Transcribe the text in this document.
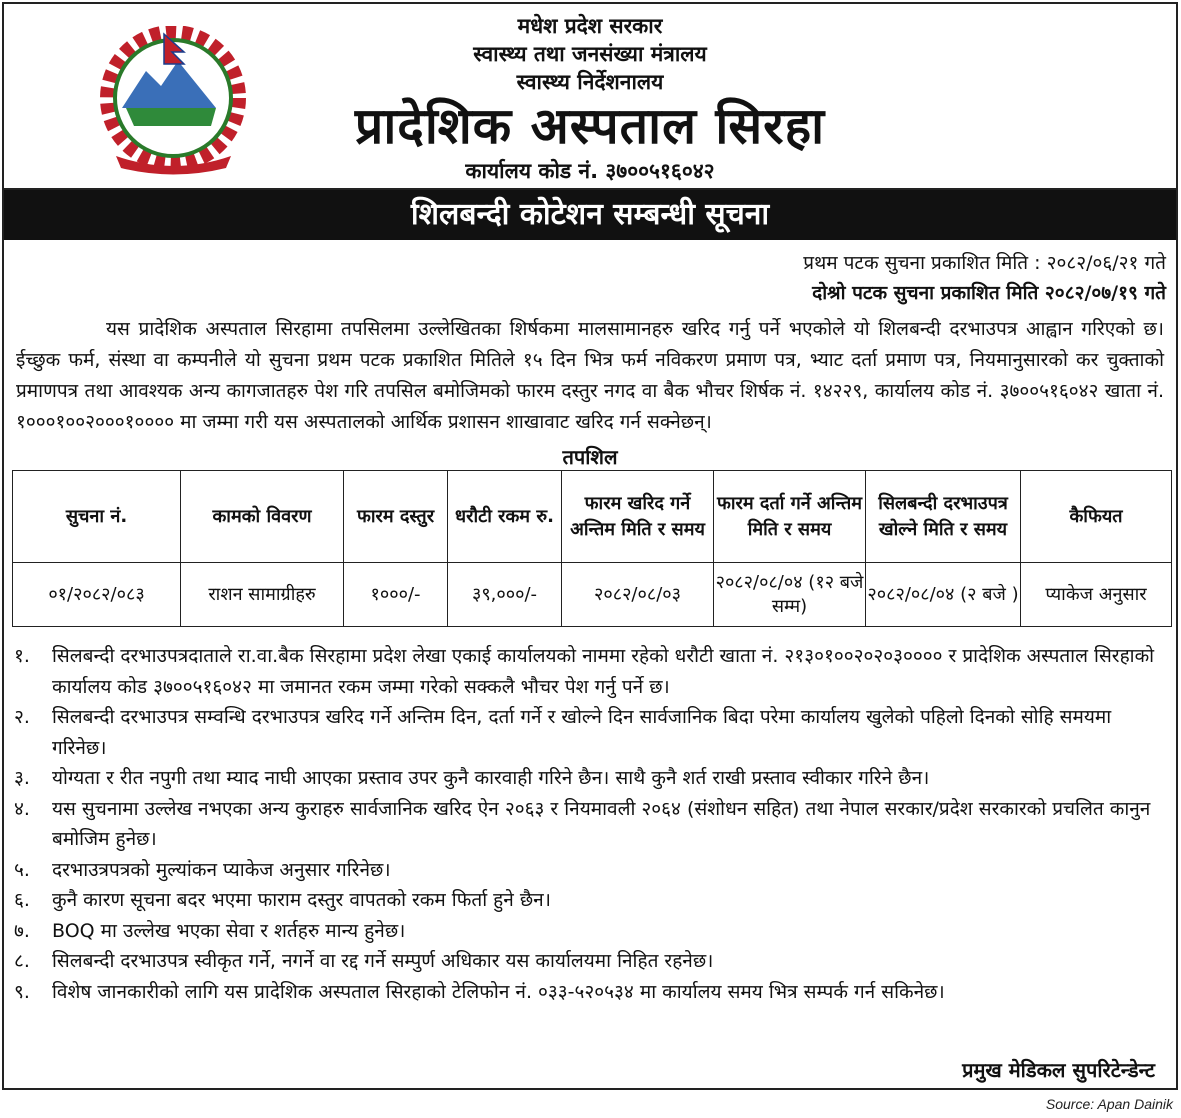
मधेश प्रदेश सरकार
स्वास्थ्य तथा जनसंख्या मंत्रालय
स्वास्थ्य निर्देशनालय
प्रादेशिक अस्पताल सिरहा
कार्यालय कोड नं. ३७००५१६०४२
शिलबन्दी कोटेशन सम्बन्धी सूचना
प्रथम पटक सुचना प्रकाशित मिति : २०८२/०६/२१ गते
दोश्रो पटक सुचना प्रकाशित मिति २०८२/०७/१९ गते

यस प्रादेशिक अस्पताल सिरहामा तपसिलमा उल्लेखितका शिर्षकमा मालसामानहरु खरिद गर्नु पर्ने भएकोले यो शिलबन्दी दरभाउपत्र आह्वान गरिएको छ। ईच्छुक फर्म, संस्था वा कम्पनीले यो सुचना प्रथम पटक प्रकाशित मितिले १५ दिन भित्र फर्म नविकरण प्रमाण पत्र, भ्याट दर्ता प्रमाण पत्र, नियमानुसारको कर चुक्ताको प्रमाणपत्र तथा आवश्यक अन्य कागजातहरु पेश गरि तपसिल बमोजिमको फारम दस्तुर नगद वा बैक भौचर शिर्षक नं. १४२२९, कार्यालय कोड नं. ३७००५१६०४२ खाता नं. १०००१००२०००१०००० मा जम्मा गरी यस अस्पतालको आर्थिक प्रशासन शाखावाट खरिद गर्न सक्नेछन्।

तपशिल
सुचना नं.	कामको विवरण	फारम दस्तुर	धरौटी रकम रु.	फारम खरिद गर्ने अन्तिम मिति र समय	फारम दर्ता गर्ने अन्तिम मिति र समय	सिलबन्दी दरभाउपत्र खोल्ने मिति र समय	कैफियत
०१/२०८२/०८३	राशन सामाग्रीहरु	१०००/-	३९,०००/-	२०८२/०८/०३	२०८२/०८/०४ (१२ बजे सम्म)	२०८२/०८/०४ (२ बजे )	प्याकेज अनुसार
१.	सिलबन्दी दरभाउपत्रदाताले रा.वा.बैक सिरहामा प्रदेश लेखा एकाई कार्यालयको नाममा रहेको धरौटी खाता नं. २१३०१००२०२०३०००० र प्रादेशिक अस्पताल सिरहाको कार्यालय कोड ३७००५१६०४२ मा जमानत रकम जम्मा गरेको सक्कलै भौचर पेश गर्नु पर्ने छ।
२.	सिलबन्दी दरभाउपत्र सम्वन्धि दरभाउपत्र खरिद गर्ने अन्तिम दिन, दर्ता गर्ने र खोल्ने दिन सार्वजानिक बिदा परेमा कार्यालय खुलेको पहिलो दिनको सोहि समयमा गरिनेछ।
३.	योग्यता र रीत नपुगी तथा म्याद नाघी आएका प्रस्ताव उपर कुनै कारवाही गरिने छैन। साथै कुनै शर्त राखी प्रस्ताव स्वीकार गरिने छैन।
४.	यस सुचनामा उल्लेख नभएका अन्य कुराहरु सार्वजानिक खरिद ऐन २०६३ र नियमावली २०६४ (संशोधन सहित) तथा नेपाल सरकार/प्रदेश सरकारको प्रचलित कानुन बमोजिम हुनेछ।
५.	दरभाउत्रपत्रको मुल्यांकन प्याकेज अनुसार गरिनेछ।
६.	कुनै कारण सूचना बदर भएमा फाराम दस्तुर वापतको रकम फिर्ता हुने छैन।
७.	BOQ मा उल्लेख भएका सेवा र शर्तहरु मान्य हुनेछ।
८.	सिलबन्दी दरभाउपत्र स्वीकृत गर्ने, नगर्ने वा रद्द गर्ने सम्पुर्ण अधिकार यस कार्यालयमा निहित रहनेछ।
९.	विशेष जानकारीको लागि यस प्रादेशिक अस्पताल सिरहाको टेलिफोन नं. ०३३-५२०५३४ मा कार्यालय समय भित्र सम्पर्क गर्न सकिनेछ।
प्रमुख मेडिकल सुपरिटेन्डेन्ट
Source: Apan Dainik
